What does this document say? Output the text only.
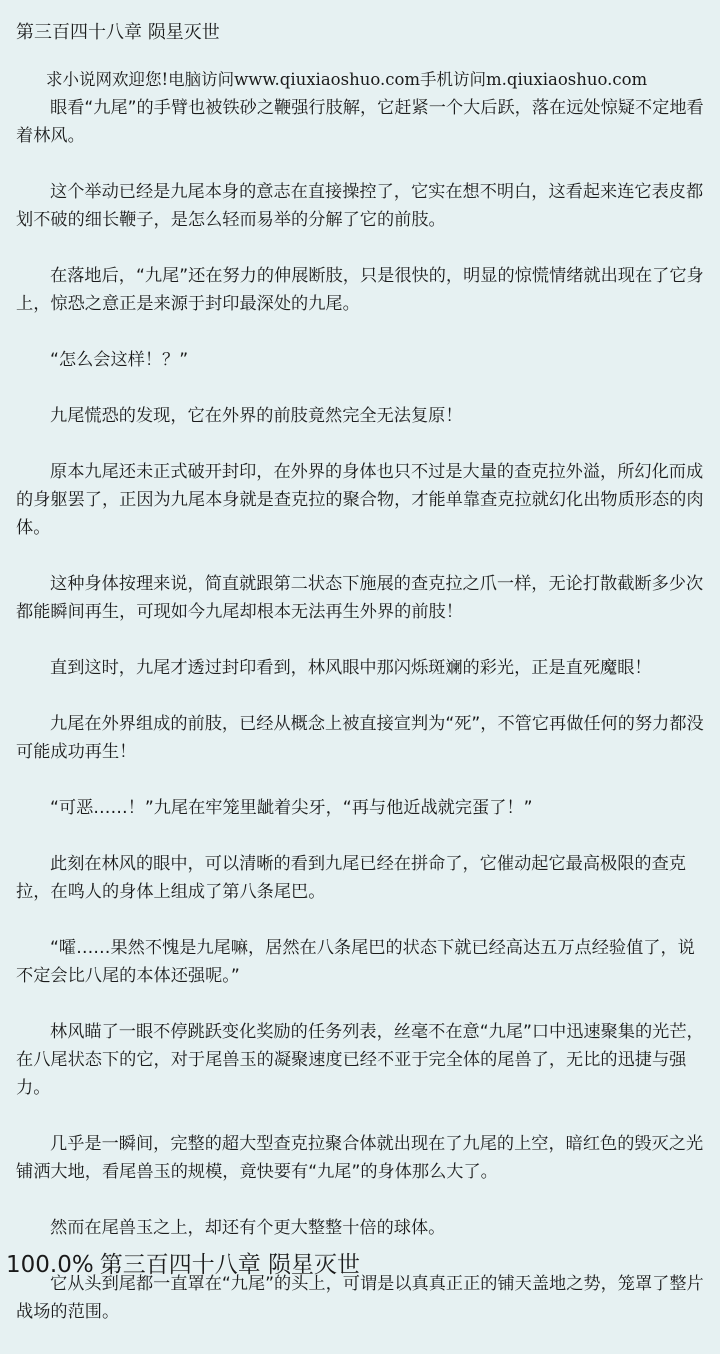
第三百四十八章 陨星灭世

求小说网欢迎您!电脑访问www.qiuxiaoshuo.com手机访问m.qiuxiaoshuo.com

眼看“九尾”的手臂也被铁砂之鞭强行肢解，它赶紧一个大后跃，落在远处惊疑不定地看着林风。

这个举动已经是九尾本身的意志在直接操控了，它实在想不明白，这看起来连它表皮都划不破的细长鞭子，是怎么轻而易举的分解了它的前肢。

在落地后，“九尾”还在努力的伸展断肢，只是很快的，明显的惊慌情绪就出现在了它身上，惊恐之意正是来源于封印最深处的九尾。

“怎么会这样！？”

九尾慌恐的发现，它在外界的前肢竟然完全无法复原！

原本九尾还未正式破开封印，在外界的身体也只不过是大量的查克拉外溢，所幻化而成的身躯罢了，正因为九尾本身就是查克拉的聚合物，才能单靠查克拉就幻化出物质形态的肉体。

这种身体按理来说，简直就跟第二状态下施展的查克拉之爪一样，无论打散截断多少次都能瞬间再生，可现如今九尾却根本无法再生外界的前肢！

直到这时，九尾才透过封印看到，林风眼中那闪烁斑斓的彩光，正是直死魔眼！

九尾在外界组成的前肢，已经从概念上被直接宣判为“死”，不管它再做任何的努力都没可能成功再生！

“可恶……！”九尾在牢笼里龇着尖牙，“再与他近战就完蛋了！”

此刻在林风的眼中，可以清晰的看到九尾已经在拼命了，它催动起它最高极限的查克拉，在鸣人的身体上组成了第八条尾巴。

“嚯……果然不愧是九尾嘛，居然在八条尾巴的状态下就已经高达五万点经验值了，说不定会比八尾的本体还强呢。”

林风瞄了一眼不停跳跃变化奖励的任务列表，丝毫不在意“九尾”口中迅速聚集的光芒，在八尾状态下的它，对于尾兽玉的凝聚速度已经不亚于完全体的尾兽了，无比的迅捷与强力。

几乎是一瞬间，完整的超大型查克拉聚合体就出现在了九尾的上空，暗红色的毁灭之光铺洒大地，看尾兽玉的规模，竟快要有“九尾”的身体那么大了。

然而在尾兽玉之上，却还有个更大整整十倍的球体。

它从头到尾都一直罩在“九尾”的头上，可谓是以真真正正的铺天盖地之势，笼罩了整片战场的范围。

100.0% 第三百四十八章 陨星灭世
